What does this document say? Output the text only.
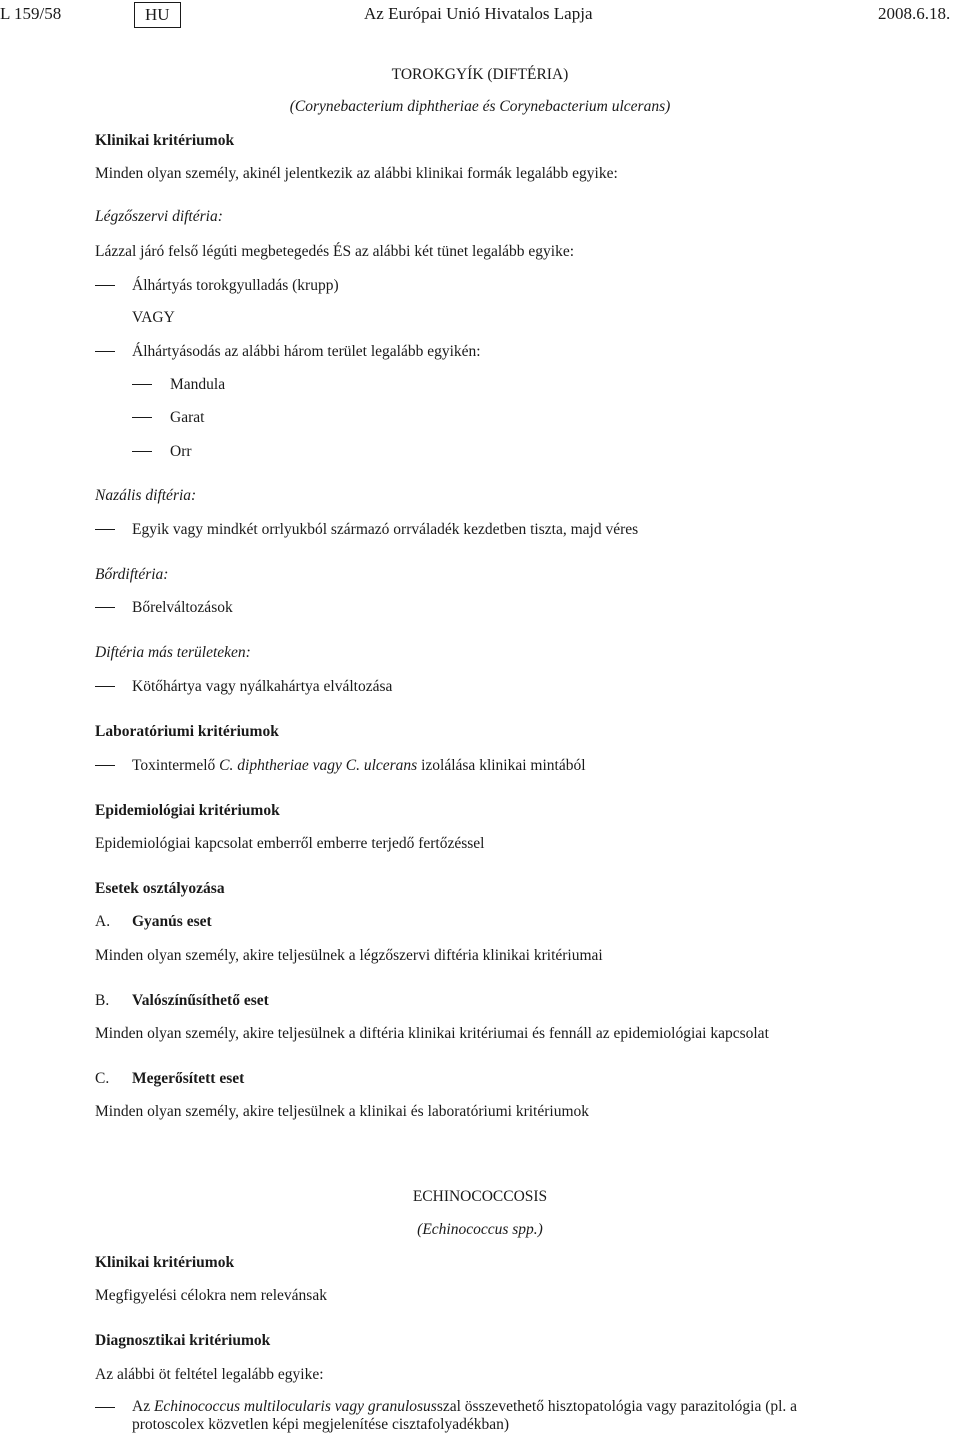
L 159/58	HU	Az Európai Unió Hivatalos Lapja	2008.6.18.
TOROKGYÍK (DIFTÉRIA)
(Corynebacterium diphtheriae és Corynebacterium ulcerans)
Klinikai kritériumok
Minden olyan személy, akinél jelentkezik az alábbi klinikai formák legalább egyike:
Légzőszervi diftéria:
Lázzal járó felső légúti megbetegedés ÉS az alábbi két tünet legalább egyike:
Álhártyás torokgyulladás (krupp)
VAGY
Álhártyásodás az alábbi három terület legalább egyikén:
Mandula
Garat
Orr
Nazális diftéria:
Egyik vagy mindkét orrlyukból származó orrváladék kezdetben tiszta, majd véres
Bőrdiftéria:
Bőrelváltozások
Diftéria más területeken:
Kötőhártya vagy nyálkahártya elváltozása
Laboratóriumi kritériumok
Toxintermelő C. diphtheriae vagy C. ulcerans izolálása klinikai mintából
Epidemiológiai kritériumok
Epidemiológiai kapcsolat emberről emberre terjedő fertőzéssel
Esetek osztályozása
A. Gyanús eset
Minden olyan személy, akire teljesülnek a légzőszervi diftéria klinikai kritériumai
B. Valószínűsíthető eset
Minden olyan személy, akire teljesülnek a diftéria klinikai kritériumai és fennáll az epidemiológiai kapcsolat
C. Megerősített eset
Minden olyan személy, akire teljesülnek a klinikai és laboratóriumi kritériumok
ECHINOCOCCOSIS
(Echinococcus spp.)
Klinikai kritériumok
Megfigyelési célokra nem relevánsak
Diagnosztikai kritériumok
Az alábbi öt feltétel legalább egyike:
Az Echinococcus multilocularis vagy granulosusszal összevethető hisztopatológia vagy parazitológia (pl. a protoscolex közvetlen képi megjelenítése cisztafolyadékban)
